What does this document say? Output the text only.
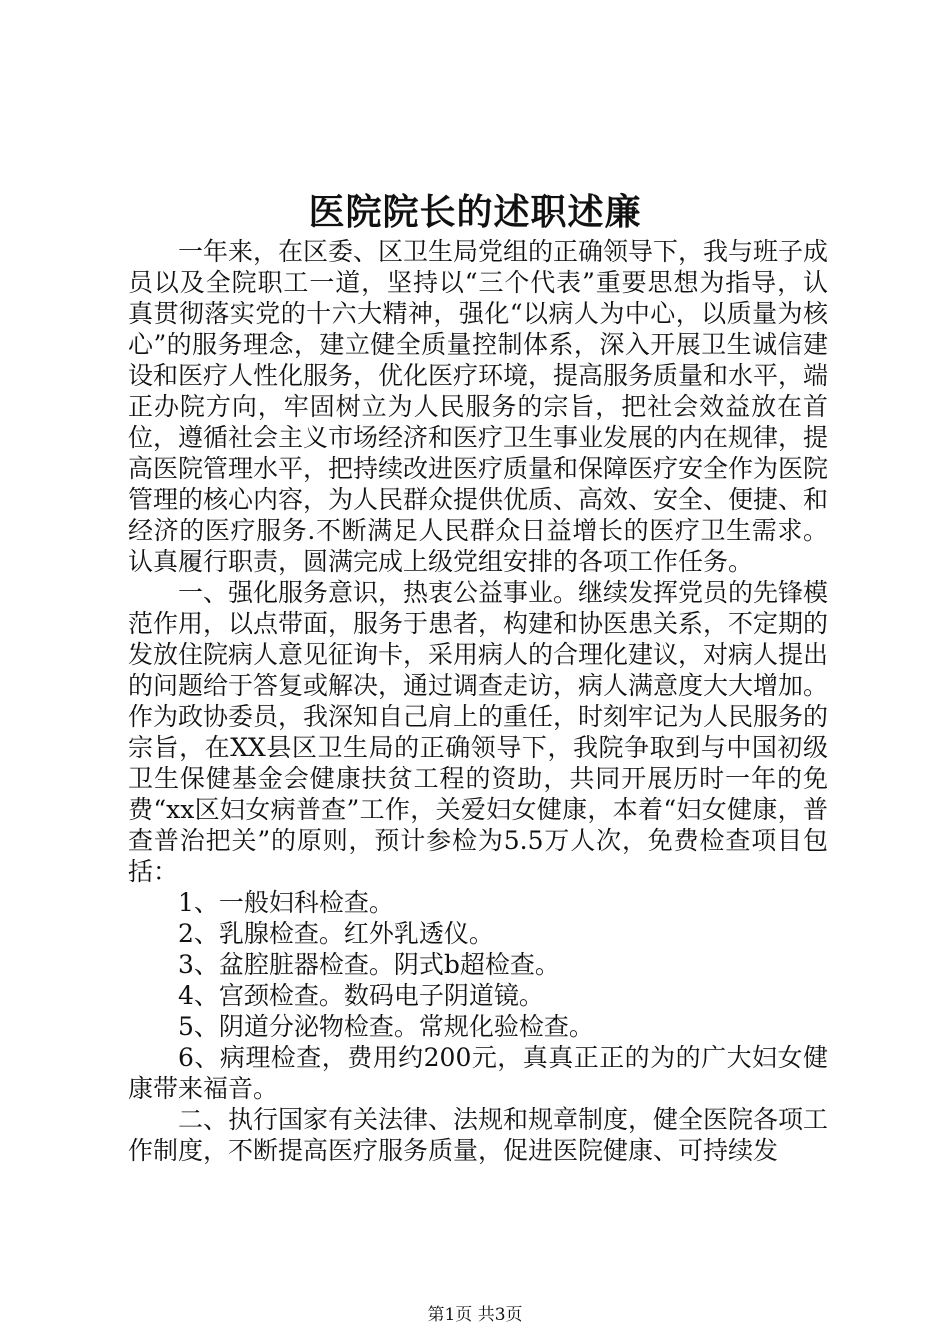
医院院长的述职述廉

一年来，在区委、区卫生局党组的正确领导下，我与班子成员以及全院职工一道，坚持以“三个代表”重要思想为指导，认真贯彻落实党的十六大精神，强化“以病人为中心，以质量为核心”的服务理念，建立健全质量控制体系，深入开展卫生诚信建设和医疗人性化服务，优化医疗环境，提高服务质量和水平，端正办院方向，牢固树立为人民服务的宗旨，把社会效益放在首位，遵循社会主义市场经济和医疗卫生事业发展的内在规律，提高医院管理水平，把持续改进医疗质量和保障医疗安全作为医院管理的核心内容，为人民群众提供优质、高效、安全、便捷、和经济的医疗服务.不断满足人民群众日益增长的医疗卫生需求。认真履行职责，圆满完成上级党组安排的各项工作任务。

一、强化服务意识，热衷公益事业。继续发挥党员的先锋模范作用，以点带面，服务于患者，构建和协医患关系，不定期的发放住院病人意见征询卡，采用病人的合理化建议，对病人提出的问题给于答复或解决，通过调查走访，病人满意度大大增加。作为政协委员，我深知自己肩上的重任，时刻牢记为人民服务的宗旨，在XX县区卫生局的正确领导下，我院争取到与中国初级卫生保健基金会健康扶贫工程的资助，共同开展历时一年的免费“xx区妇女病普查”工作，关爱妇女健康，本着“妇女健康，普查普治把关”的原则，预计参检为5.5万人次，免费检查项目包括：

1、一般妇科检查。

2、乳腺检查。红外乳透仪。

3、盆腔脏器检查。阴式b超检查。

4、宫颈检查。数码电子阴道镜。

5、阴道分泌物检查。常规化验检查。

6、病理检查，费用约200元，真真正正的为的广大妇女健康带来福音。

二、执行国家有关法律、法规和规章制度，健全医院各项工作制度，不断提高医疗服务质量，促进医院健康、可持续发

第1页 共3页
